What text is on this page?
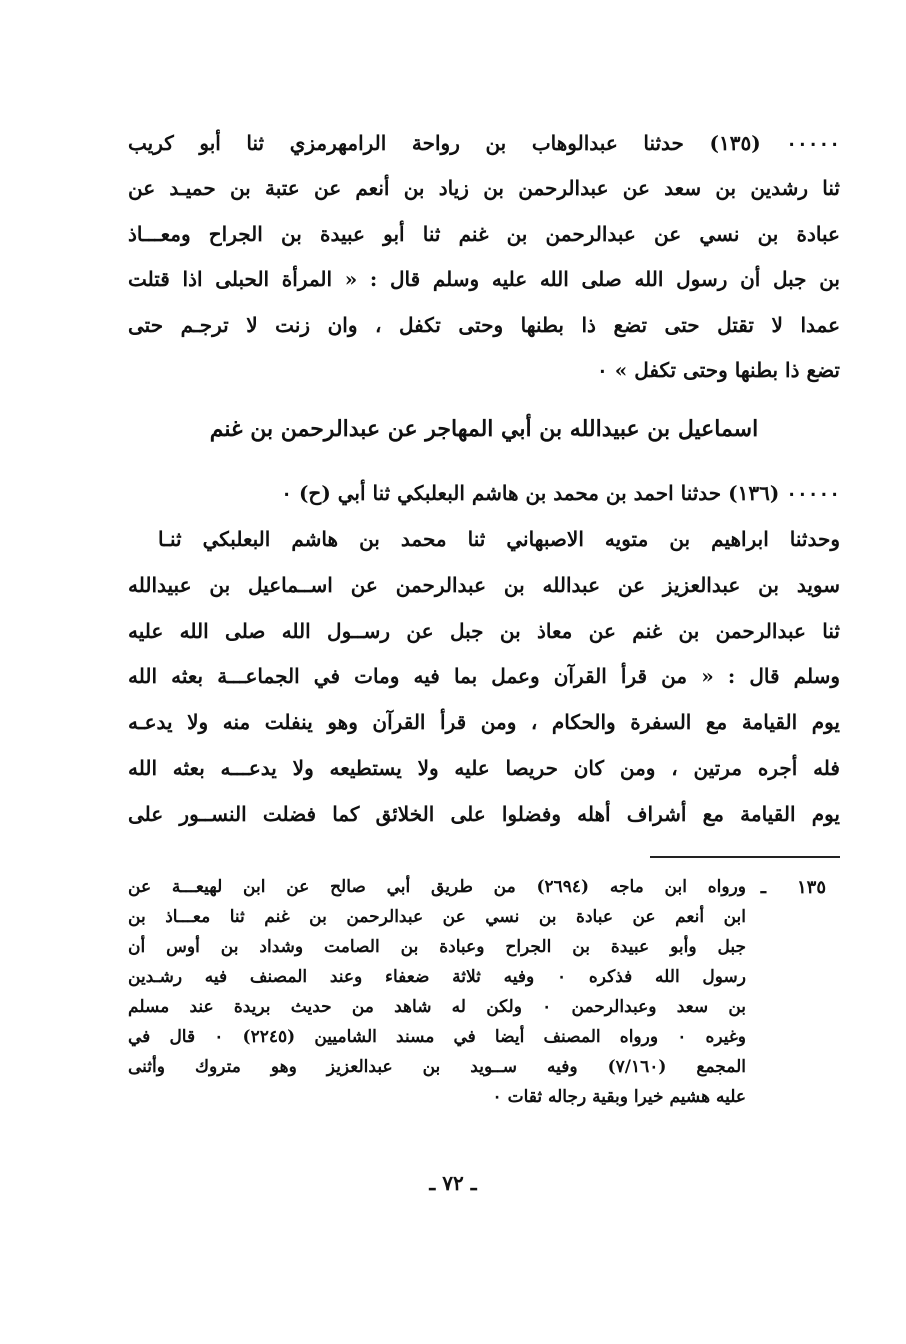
٠٠٠٠٠ (١٣٥) حدثنا عبدالوهاب بن رواحة الرامهرمزي ثنا أبو كريب
ثنا رشدين بن سعد عن عبدالرحمن بن زياد بن أنعم عن عتبة بن حميـد عن
عبادة بن نسي عن عبدالرحمن بن غنم ثنا أبو عبيدة بن الجراح ومعـــاذ
بن جبل أن رسول الله صلى الله عليه وسلم قال : « المرأة الحبلى اذا قتلت
عمدا لا تقتل حتى تضع ذا بطنها وحتى تكفل ، وان زنت لا ترجـم حتى
تضع ذا بطنها وحتى تكفل » ٠
اسماعيل بن عبيدالله بن أبي المهاجر عن عبدالرحمن بن غنم
٠٠٠٠٠ (١٣٦) حدثنا احمد بن محمد بن هاشم البعلبكي ثنا أبي (ح) ٠
وحدثنا ابراهيم بن متويه الاصبهاني ثنا محمد بن هاشم البعلبكي ثنـا
سويد بن عبدالعزيز عن عبدالله بن عبدالرحمن عن اســماعيل بن عبيدالله
ثنا عبدالرحمن بن غنم عن معاذ بن جبل عن رســول الله صلى الله عليه
وسلم قال : « من قرأ القرآن وعمل بما فيه ومات في الجماعـــة بعثه الله
يوم القيامة مع السفرة والحكام ، ومن قرأ القرآن وهو ينفلت منه ولا يدعـه
فله أجره مرتين ، ومن كان حريصا عليه ولا يستطيعه ولا يدعـــه بعثه الله
يوم القيامة مع أشراف أهله وفضلوا على الخلائق كما فضلت النســور على
١٣٥
ـ
ورواه ابن ماجه (٢٦٩٤) من طريق أبي صالح عن ابن لهيعـــة عن
ابن أنعم عن عبادة بن نسي عن عبدالرحمن بن غنم ثنا معـــاذ بن
جبل وأبو عبيدة بن الجراح وعبادة بن الصامت وشداد بن أوس أن
رسول الله فذكره ٠ وفيه ثلاثة ضعفاء وعند المصنف فيه رشـدين
بن سعد وعبدالرحمن ٠ ولكن له شاهد من حديث بريدة عند مسلم
وغيره ٠ ورواه المصنف أيضا في مسند الشاميين (٢٢٤٥) ٠ قال في
المجمع (٧/١٦٠) وفيه ســويد بن عبدالعزيز وهو متروك وأثنى
عليه هشيم خيرا وبقية رجاله ثقات ٠
ـ ٧٢ ـ
